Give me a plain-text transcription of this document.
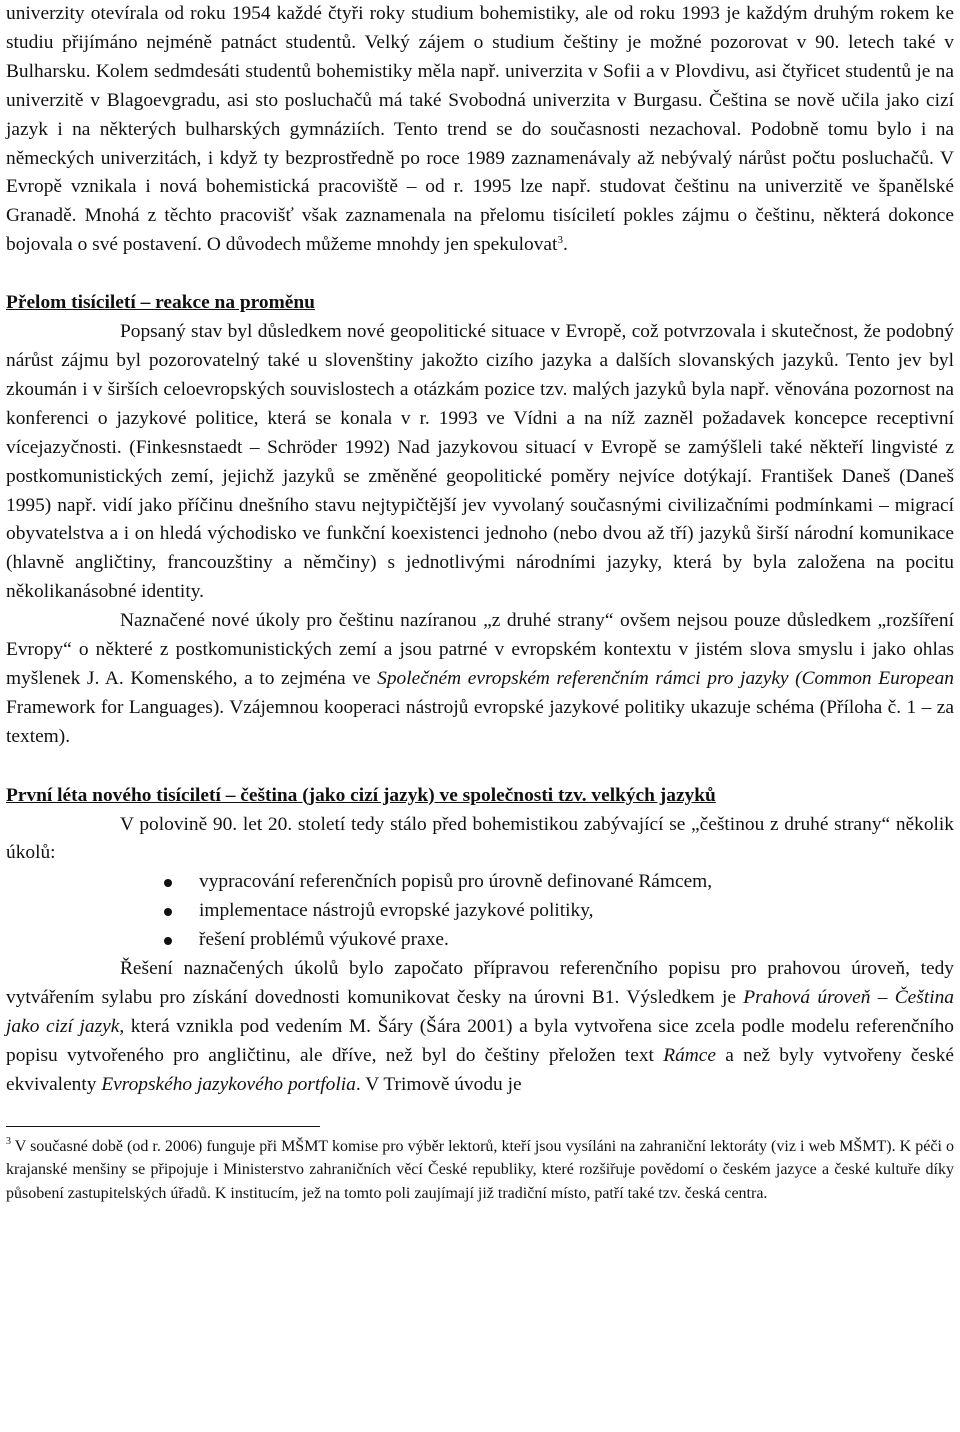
univerzity otevírala od roku 1954 každé čtyři roky studium bohemistiky, ale od roku 1993 je každým druhým rokem ke studiu přijímáno nejméně patnáct studentů. Velký zájem o studium češtiny je možné pozorovat v 90. letech také v Bulharsku. Kolem sedmdesáti studentů bohemistiky měla např. univerzita v Sofii a v Plovdivu, asi čtyřicet studentů je na univerzitě v Blagoevgradu, asi sto posluchačů má také Svobodná univerzita v Burgasu. Čeština se nově učila jako cizí jazyk i na některých bulharských gymnáziích. Tento trend se do současnosti nezachoval. Podobně tomu bylo i na německých univerzitách, i když ty bezprostředně po roce 1989 zaznamenávaly až nebývalý nárůst počtu posluchačů. V Evropě vznikala i nová bohemistická pracoviště – od r. 1995 lze např. studovat češtinu na univerzitě ve španělské Granadě. Mnohá z těchto pracovišť však zaznamenala na přelomu tisíciletí pokles zájmu o češtinu, některá dokonce bojovala o své postavení. O důvodech můžeme mnohdy jen spekulovat$^3$.

Přelom tisíciletí – reakce na proměnu

Popsaný stav byl důsledkem nové geopolitické situace v Evropě, což potvrzovala i skutečnost, že podobný nárůst zájmu byl pozorovatelný také u slovenštiny jakožto cizího jazyka a dalších slovanských jazyků. Tento jev byl zkoumán i v širších celoevropských souvislostech a otázkám pozice tzv. malých jazyků byla např. věnována pozornost na konferenci o jazykové politice, která se konala v r. 1993 ve Vídni a na níž zazněl požadavek koncepce receptivní vícejazyčnosti. (Finkesnstaedt – Schröder 1992) Nad jazykovou situací v Evropě se zamýšleli také někteří lingvisté z postkomunistických zemí, jejichž jazyků se změněné geopolitické poměry nejvíce dotýkají. František Daneš (Daneš 1995) např. vidí jako příčinu dnešního stavu nejtypičtější jev vyvolaný současnými civilizačními podmínkami – migrací obyvatelstva a i on hledá východisko ve funkční koexistenci jednoho (nebo dvou až tří) jazyků širší národní komunikace (hlavně angličtiny, francouzštiny a němčiny) s jednotlivými národními jazyky, která by byla založena na pocitu několikanásobné identity.

Naznačené nové úkoly pro češtinu nazíranou „z druhé strany“ ovšem nejsou pouze důsledkem „rozšíření Evropy“ o některé z postkomunistických zemí a jsou patrné v evropském kontextu v jistém slova smyslu i jako ohlas myšlenek J. A. Komenského, a to zejména ve Společném evropském referenčním rámci pro jazyky (Common European Framework for Languages). Vzájemnou kooperaci nástrojů evropské jazykové politiky ukazuje schéma (Příloha č. 1 – za textem).

První léta nového tisíciletí – čeština (jako cizí jazyk) ve společnosti tzv. velkých jazyků

V polovině 90. let 20. století tedy stálo před bohemistikou zabývající se „češtinou z druhé strany“ několik úkolů:

vypracování referenčních popisů pro úrovně definované Rámcem,
implementace nástrojů evropské jazykové politiky,
řešení problémů výukové praxe.

Řešení naznačených úkolů bylo započato přípravou referenčního popisu pro prahovou úroveň, tedy vytvářením sylabu pro získání dovednosti komunikovat česky na úrovni B1. Výsledkem je Prahová úroveň – Čeština jako cizí jazyk, která vznikla pod vedením M. Šáry (Šára 2001) a byla vytvořena sice zcela podle modelu referenčního popisu vytvořeného pro angličtinu, ale dříve, než byl do češtiny přeložen text Rámce a než byly vytvořeny české ekvivalenty Evropského jazykového portfolia. V Trimově úvodu je

$^3$ V současné době (od r. 2006) funguje při MŠMT komise pro výběr lektorů, kteří jsou vysíláni na zahraniční lektoráty (viz i web MŠMT). K péči o krajanské menšiny se připojuje i Ministerstvo zahraničních věcí České republiky, které rozšiřuje povědomí o českém jazyce a české kultuře díky působení zastupitelských úřadů. K institucím, jež na tomto poli zaujímají již tradiční místo, patří také tzv. česká centra.
